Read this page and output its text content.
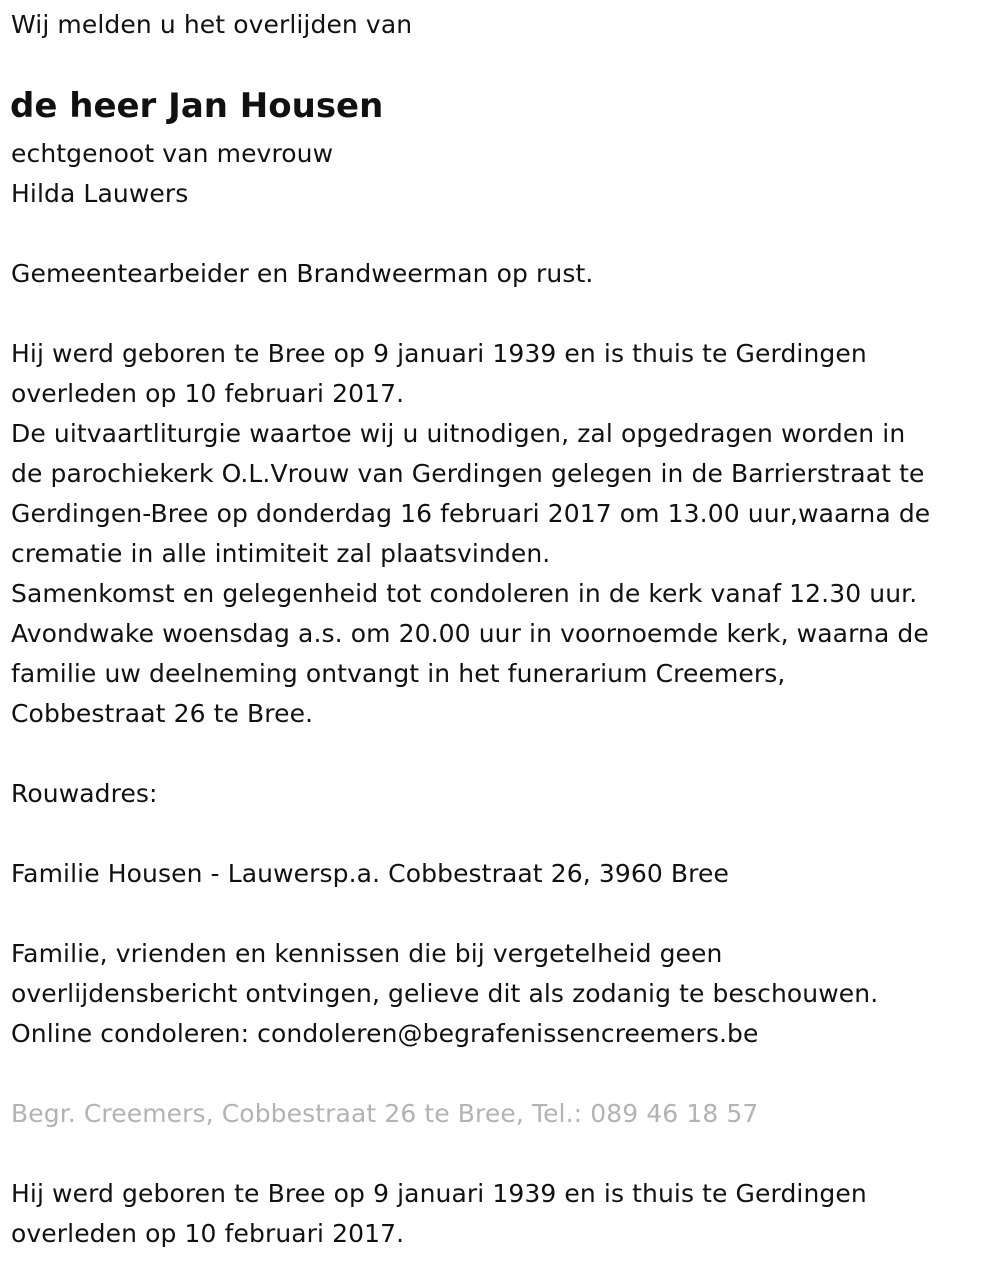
Wij melden u het overlijden van
de heer Jan Housen
echtgenoot van mevrouw
Hilda Lauwers
Gemeentearbeider en Brandweerman op rust.
Hij werd geboren te Bree op 9 januari 1939 en is thuis te Gerdingen
overleden op 10 februari 2017.
De uitvaartliturgie waartoe wij u uitnodigen, zal opgedragen worden in
de parochiekerk O.L.Vrouw van Gerdingen gelegen in de Barrierstraat te
Gerdingen-Bree op donderdag 16 februari 2017 om 13.00 uur,waarna de
crematie in alle intimiteit zal plaatsvinden.
Samenkomst en gelegenheid tot condoleren in de kerk vanaf 12.30 uur.
Avondwake woensdag a.s. om 20.00 uur in voornoemde kerk, waarna de
familie uw deelneming ontvangt in het funerarium Creemers,
Cobbestraat 26 te Bree.
Rouwadres:
Familie Housen - Lauwersp.a. Cobbestraat 26, 3960 Bree
Familie, vrienden en kennissen die bij vergetelheid geen
overlijdensbericht ontvingen, gelieve dit als zodanig te beschouwen.
Online condoleren: condoleren@begrafenissencreemers.be
Begr. Creemers, Cobbestraat 26 te Bree, Tel.: 089 46 18 57
Hij werd geboren te Bree op 9 januari 1939 en is thuis te Gerdingen
overleden op 10 februari 2017.
